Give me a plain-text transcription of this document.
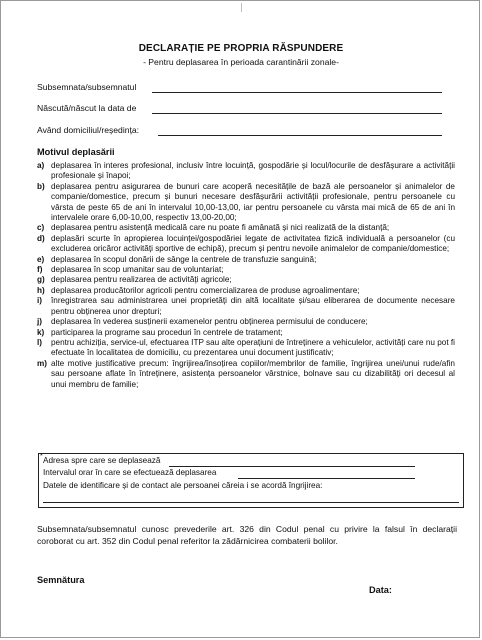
DECLARAȚIE PE PROPRIA RĂSPUNDERE
- Pentru deplasarea în perioada carantinării zonale-
Subsemnata/subsemnatul
Născută/născut la data de
Având domiciliul/reședința:
Motivul deplasării
a) deplasarea în interes profesional, inclusiv între locuință, gospodărie și locul/locurile de desfășurare a activității profesionale și înapoi;
b) deplasarea pentru asigurarea de bunuri care acoperă necesitățile de bază ale persoanelor și animalelor de companie/domestice, precum și bunuri necesare desfășurării activității profesionale, pentru persoanele cu vârsta de peste 65 de ani în intervalul 10,00-13,00, iar pentru persoanele cu vârsta mai mică de 65 de ani în intervalele orare 6,00-10,00, respectiv 13,00-20,00;
c) deplasarea pentru asistență medicală care nu poate fi amânată și nici realizată de la distanță;
d) deplasări scurte în apropierea locuinței/gospodăriei legate de activitatea fizică individuală a persoanelor (cu excluderea oricăror activități sportive de echipă), precum și pentru nevoile animalelor de companie/domestice;
e) deplasarea în scopul donării de sânge la centrele de transfuzie sanguină;
f) deplasarea în scop umanitar sau de voluntariat;
g) deplasarea pentru realizarea de activități agricole;
h) deplasarea producătorilor agricoli pentru comercializarea de produse agroalimentare;
i) înregistrarea sau administrarea unei proprietăți din altă localitate și/sau eliberarea de documente necesare pentru obținerea unor drepturi;
j) deplasarea în vederea susținerii examenelor pentru obținerea permisului de conducere;
k) participarea la programe sau proceduri în centrele de tratament;
l) pentru achiziția, service-ul, efectuarea ITP sau alte operațiuni de întreținere a vehiculelor, activități care nu pot fi efectuate în localitatea de domiciliu, cu prezentarea unui document justificativ;
m) alte motive justificative precum: îngrijirea/însoțirea copiilor/membrilor de familie, îngrijirea unei/unui rude/afin sau persoane aflate în întreținere, asistența persoanelor vârstnice, bolnave sau cu dizabilități ori decesul al unui membru de familie;
* Adresa spre care se deplasează
Intervalul orar în care se efectuează deplasarea
Datele de identificare și de contact ale persoanei căreia i se acordă îngrijirea:
Subsemnata/subsemnatul cunosc prevederile art. 326 din Codul penal cu privire la falsul în declarații coroborat cu art. 352 din Codul penal referitor la zădărnicirea combaterii bolilor.
Semnătura
Data:
